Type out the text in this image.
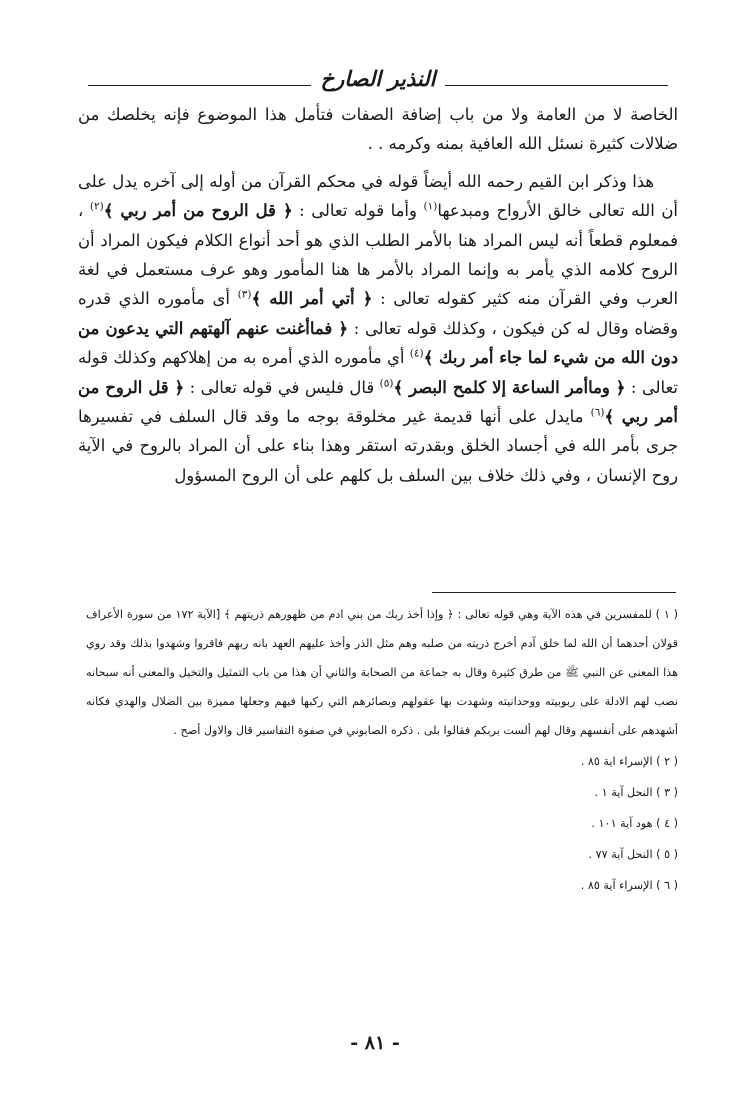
النذير الصارخ

الخاصة لا من العامة ولا من باب إضافة الصفات فتأمل هذا الموضوع فإنه يخلصك من ضلالات كثيرة نسئل الله العافية بمنه وكرمه . .

هذا وذكر ابن القيم رحمه الله أيضاً قوله في محكم القرآن من أوله إلى آخره يدل على أن الله تعالى خالق الأرواح ومبدعها$^{(١)}$ وأما قوله تعالى : ﴿ قل الروح من أمر ربي ﴾$^{(٢)}$ ، فمعلوم قطعاً أنه ليس المراد هنا بالأمر الطلب الذي هو أحد أنواع الكلام فيكون المراد أن الروح كلامه الذي يأمر به وإنما المراد بالأمر ها هنا المأمور وهو عرف مستعمل في لغة العرب وفي القرآن منه كثير كقوله تعالى : ﴿ أتي أمر الله ﴾$^{(٣)}$ أى مأموره الذي قدره وقضاه وقال له كن فيكون ، وكذلك قوله تعالى : ﴿ فماأغنت عنهم آلهتهم التي يدعون من دون الله من شيء لما جاء أمر ربك ﴾$^{(٤)}$ أي مأموره الذي أمره به من إهلاكهم وكذلك قوله تعالى : ﴿ وماأمر الساعة إلا كلمح البصر ﴾$^{(٥)}$ قال فليس في قوله تعالى : ﴿ قل الروح من أمر ربي ﴾$^{(٦)}$ مايدل على أنها قديمة غير مخلوقة بوجه ما وقد قال السلف في تفسيرها جرى بأمر الله في أجساد الخلق وبقدرته استقر وهذا بناء على أن المراد بالروح في الآية روح الإنسان ، وفي ذلك خلاف بين السلف بل كلهم على أن الروح المسؤول

( ١ ) للمفسرين في هذه الآية وهي قوله تعالى : ﴿ وإذا أخذ ربك من بني ادم من ظهورهم ذريتهم ﴾ [الآية ١٧٢ من سورة الأعراف قولان أحدهما أن الله لما خلق آدم أخرج ذريته من صلبه وهم مثل الذر وأخذ عليهم العهد بانه ربهم فاقروا وشهدوا بذلك وقد روي هذا المعنى عن النبي ﷺ من طرق كثيرة وقال به جماعة من الصحابة والثاني أن هذا من باب التمثيل والتخيل والمعنى أنه سبحانه نصب لهم الادلة على ربوبيته ووحدانيته وشهدت بها عقولهم وبصائرهم التي ركبها فيهم وجعلها مميزة بين الضلال والهدي فكانه أشهدهم على أنفسهم وقال لهم ألست بربكم فقالوا بلى . ذكره الصابوني في صفوة التفاسير قال والاول أصح .

( ٢ ) الإسراء اية ٨٥ .

( ٣ ) النحل آية ١ .

( ٤ ) هود آية ١٠١ .

( ٥ ) النحل آية ٧٧ .

( ٦ ) الإسراء آية ٨٥ .

- ٨١ -
